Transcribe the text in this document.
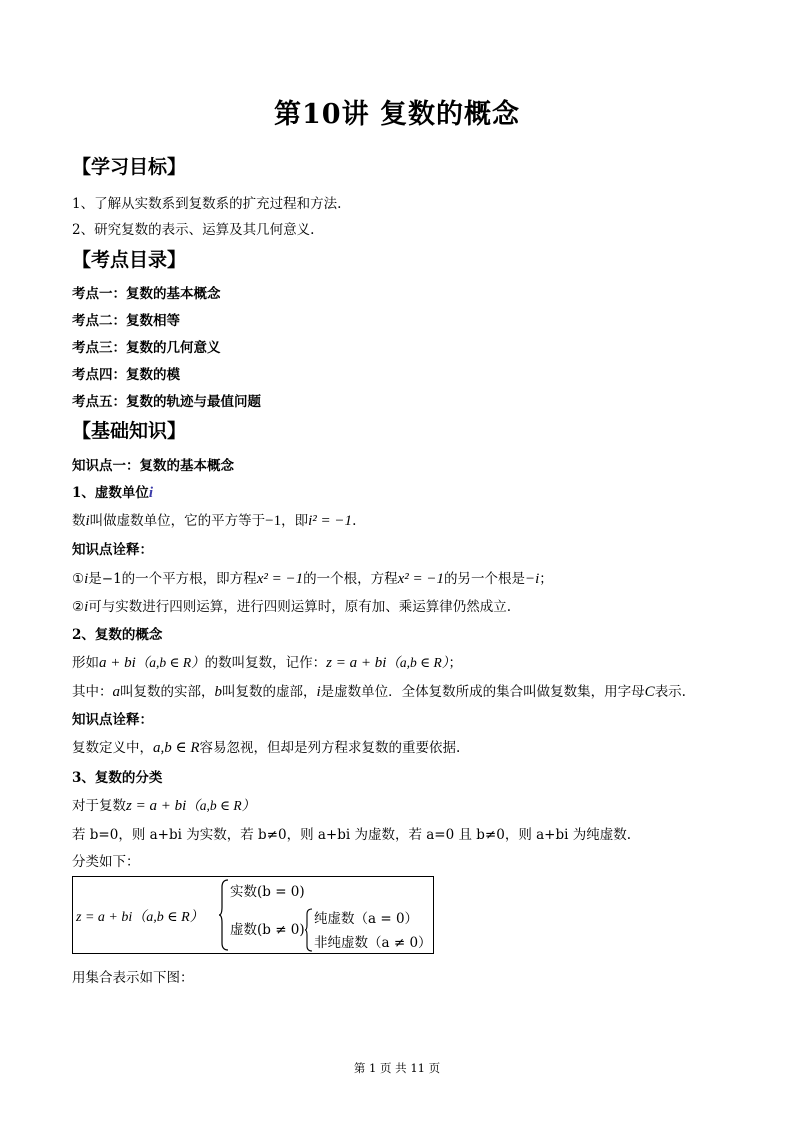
第10讲 复数的概念
【学习目标】
1、了解从实数系到复数系的扩充过程和方法.
2、研究复数的表示、运算及其几何意义.
【考点目录】
考点一：复数的基本概念
考点二：复数相等
考点三：复数的几何意义
考点四：复数的模
考点五：复数的轨迹与最值问题
【基础知识】
知识点一：复数的基本概念
1、虚数单位i
数i叫做虚数单位，它的平方等于−1，即i² = −1.
知识点诠释：
①i是−1的一个平方根，即方程x² = −1的一个根，方程x² = −1的另一个根是−i；
②i可与实数进行四则运算，进行四则运算时，原有加、乘运算律仍然成立.
2、复数的概念
形如a + bi（a,b ∈ R）的数叫复数，记作：z = a + bi（a,b ∈ R）；
其中：a叫复数的实部，b叫复数的虚部，i是虚数单位．全体复数所成的集合叫做复数集，用字母C表示.
知识点诠释：
复数定义中，a,b ∈ R容易忽视，但却是列方程求复数的重要依据.
3、复数的分类
对于复数z = a + bi（a,b ∈ R）
若 b=0，则 a+bi 为实数，若 b≠0，则 a+bi 为虚数，若 a=0 且 b≠0，则 a+bi 为纯虚数.
分类如下：
z = a + bi（a,b ∈ R）
实数(b = 0)
虚数(b ≠ 0)
纯虚数（a = 0）
非纯虚数（a ≠ 0）
用集合表示如下图：
第 1 页 共 11 页
